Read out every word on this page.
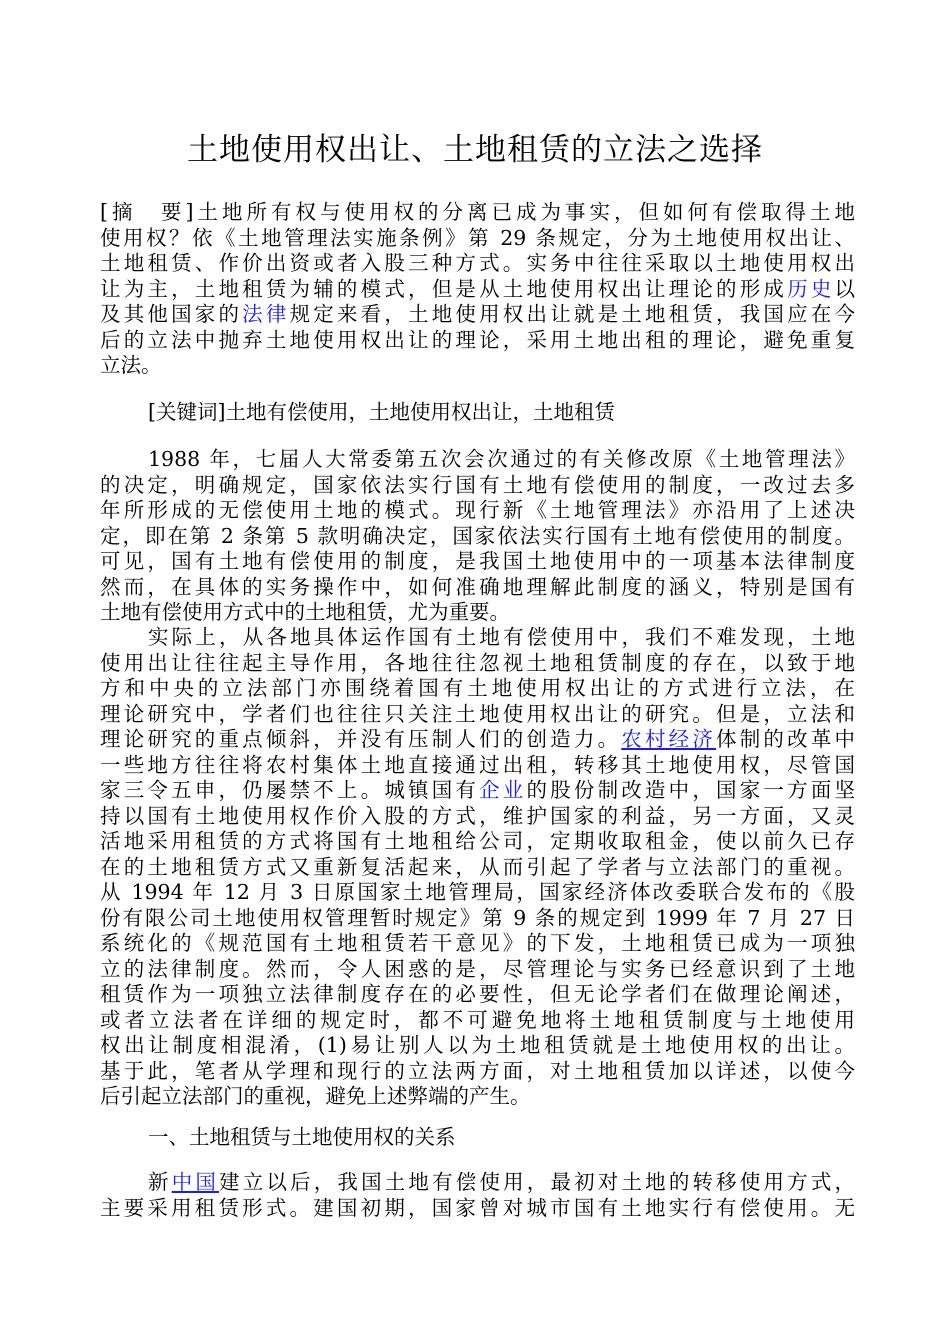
土地使用权出让、土地租赁的立法之选择
[摘　要]土地所有权与使用权的分离已成为事实，但如何有偿取得土地
使用权？依《土地管理法实施条例》第 29 条规定，分为土地使用权出让、
土地租赁、作价出资或者入股三种方式。实务中往往采取以土地使用权出
让为主，土地租赁为辅的模式，但是从土地使用权出让理论的形成历史以
及其他国家的法律规定来看，土地使用权出让就是土地租赁，我国应在今
后的立法中抛弃土地使用权出让的理论，采用土地出租的理论，避免重复
立法。
[关键词]土地有偿使用，土地使用权出让，土地租赁
1988 年，七届人大常委第五次会次通过的有关修改原《土地管理法》
的决定，明确规定，国家依法实行国有土地有偿使用的制度，一改过去多
年所形成的无偿使用土地的模式。现行新《土地管理法》亦沿用了上述决
定，即在第 2 条第 5 款明确决定，国家依法实行国有土地有偿使用的制度。
可见，国有土地有偿使用的制度，是我国土地使用中的一项基本法律制度
然而，在具体的实务操作中，如何准确地理解此制度的涵义，特别是国有
土地有偿使用方式中的土地租赁，尤为重要。
实际上，从各地具体运作国有土地有偿使用中，我们不难发现，土地
使用出让往往起主导作用，各地往往忽视土地租赁制度的存在，以致于地
方和中央的立法部门亦围绕着国有土地使用权出让的方式进行立法，在
理论研究中，学者们也往往只关注土地使用权出让的研究。但是，立法和
理论研究的重点倾斜，并没有压制人们的创造力。农村经济体制的改革中
一些地方往往将农村集体土地直接通过出租，转移其土地使用权，尽管国
家三令五申，仍屡禁不上。城镇国有企业的股份制改造中，国家一方面坚
持以国有土地使用权作价入股的方式，维护国家的利益，另一方面，又灵
活地采用租赁的方式将国有土地租给公司，定期收取租金，使以前久已存
在的土地租赁方式又重新复活起来，从而引起了学者与立法部门的重视。
从 1994 年 12 月 3 日原国家土地管理局，国家经济体改委联合发布的《股
份有限公司土地使用权管理暂时规定》第 9 条的规定到 1999 年 7 月 27 日
系统化的《规范国有土地租赁若干意见》的下发，土地租赁已成为一项独
立的法律制度。然而，令人困惑的是，尽管理论与实务已经意识到了土地
租赁作为一项独立法律制度存在的必要性，但无论学者们在做理论阐述，
或者立法者在详细的规定时，都不可避免地将土地租赁制度与土地使用
权出让制度相混淆，(1)易让别人以为土地租赁就是土地使用权的出让。
基于此，笔者从学理和现行的立法两方面，对土地租赁加以详述，以使今
后引起立法部门的重视，避免上述弊端的产生。
一、土地租赁与土地使用权的关系
新中国建立以后，我国土地有偿使用，最初对土地的转移使用方式，
主要采用租赁形式。建国初期，国家曾对城市国有土地实行有偿使用。无
